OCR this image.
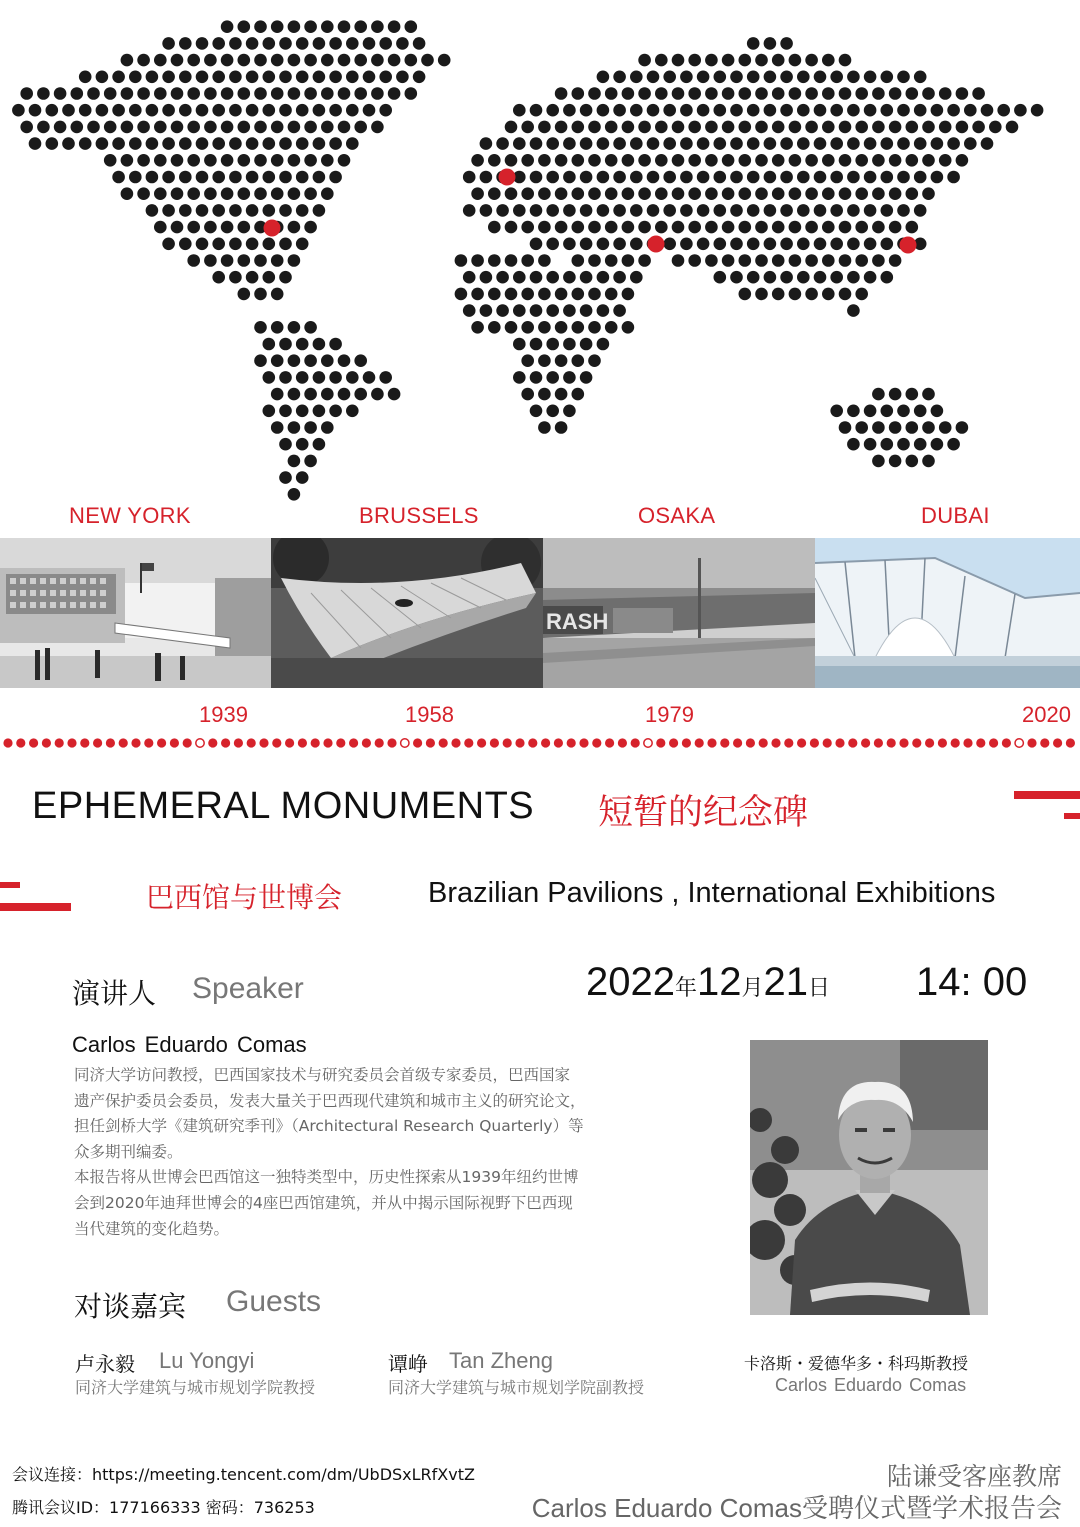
NEW YORK	BRUSSELS	OSAKA	DUBAI
RASH
1939	1958	1979	2020
EPHEMERAL MONUMENTS 短暂的纪念碑
巴西馆与世博会	Brazilian Pavilions , International Exhibitions
演讲人 Speaker	2022年12月21日 14: 00
Carlos Eduardo Comas
同济大学访问教授，巴西国家技术与研究委员会首级专家委员，巴西国家
遗产保护委员会委员，发表大量关于巴西现代建筑和城市主义的研究论文，
担任剑桥大学《建筑研究季刊》（Architectural Research Quarterly）等
众多期刊编委。
本报告将从世博会巴西馆这一独特类型中，历史性探索从1939年纽约世博
会到2020年迪拜世博会的4座巴西馆建筑，并从中揭示国际视野下巴西现
当代建筑的变化趋势。
对谈嘉宾 Guests
卢永毅 Lu Yongyi
同济大学建筑与城市规划学院教授
谭峥 Tan Zheng
同济大学建筑与城市规划学院副教授
卡洛斯・爱德华多・科玛斯教授
Carlos Eduardo Comas
会议连接：https://meeting.tencent.com/dm/UbDSxLRfXvtZ
腾讯会议ID：177166333 密码：736253
陆谦受客座教席
Carlos Eduardo Comas受聘仪式暨学术报告会
